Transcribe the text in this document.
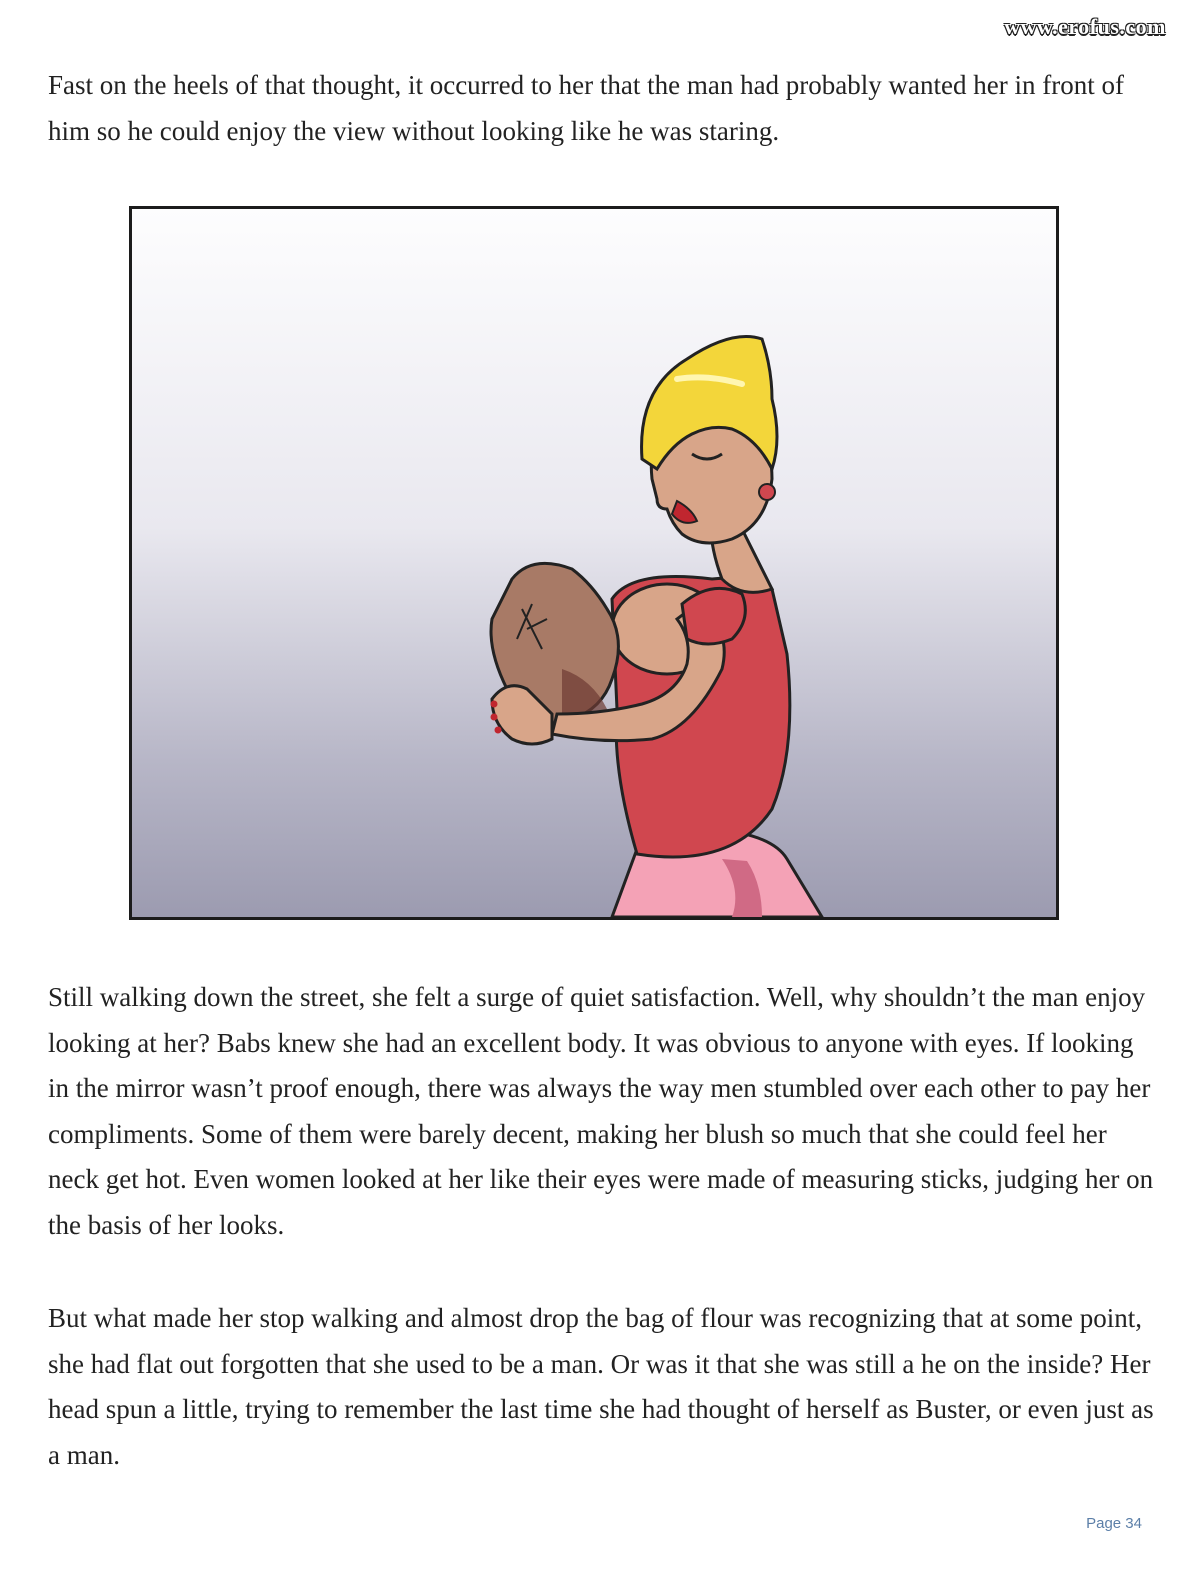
www.erofus.com

Fast on the heels of that thought, it occurred to her that the man had probably wanted her in front of him so he could enjoy the view without looking like he was staring.

Still walking down the street, she felt a surge of quiet satisfaction. Well, why shouldn’t the man enjoy looking at her? Babs knew she had an excellent body. It was obvious to anyone with eyes. If looking in the mirror wasn’t proof enough, there was always the way men stumbled over each other to pay her compliments. Some of them were barely decent, making her blush so much that she could feel her neck get hot. Even women looked at her like their eyes were made of measuring sticks, judging her on the basis of her looks.

But what made her stop walking and almost drop the bag of flour was recognizing that at some point, she had flat out forgotten that she used to be a man. Or was it that she was still a he on the inside? Her head spun a little, trying to remember the last time she had thought of herself as Buster, or even just as a man.

Page 34
